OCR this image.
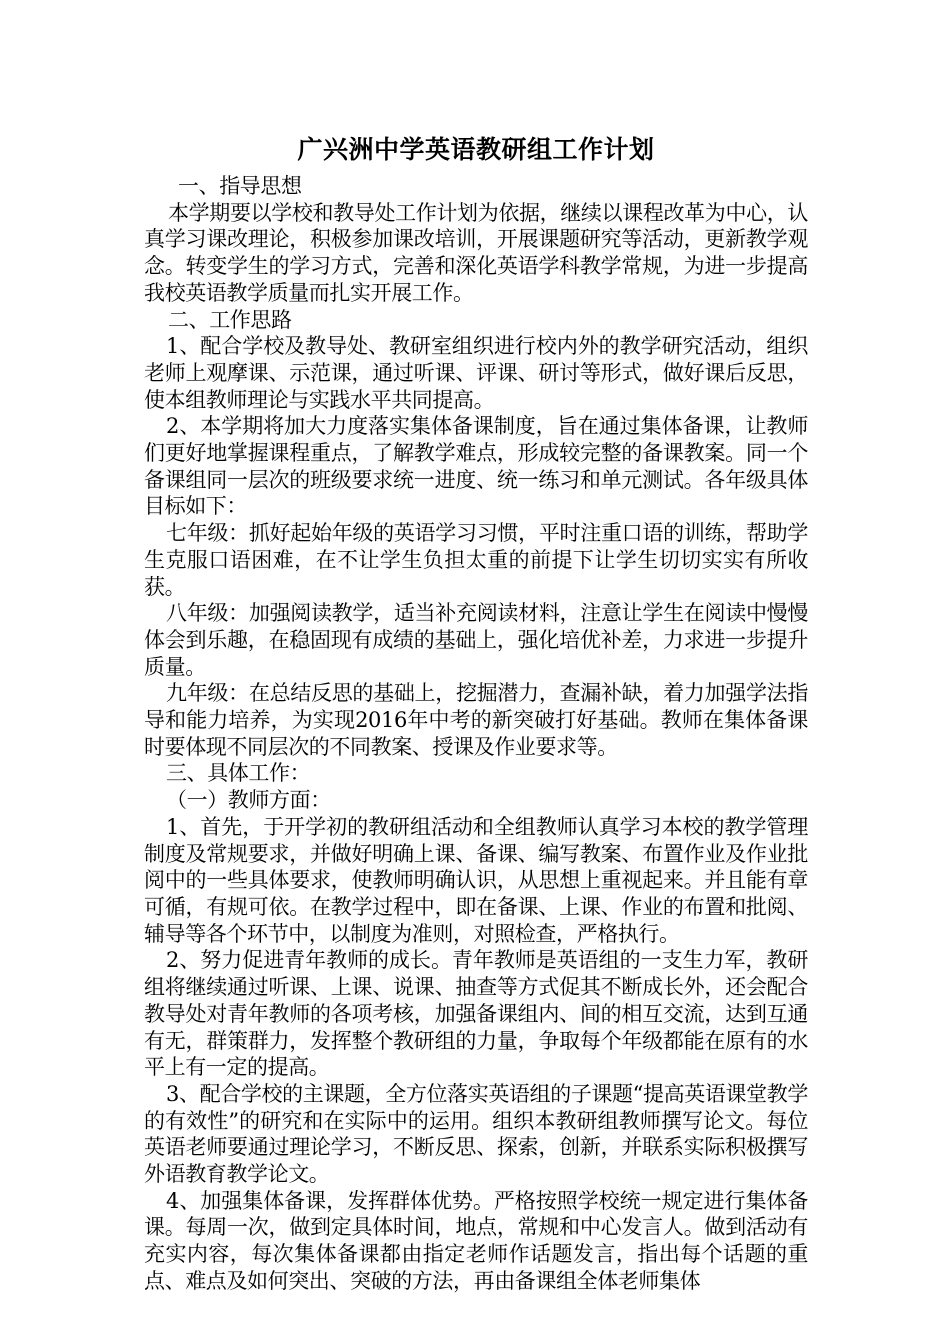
广兴洲中学英语教研组工作计划

一、指导思想

本学期要以学校和教导处工作计划为依据，继续以课程改革为中心，认真学习课改理论，积极参加课改培训，开展课题研究等活动，更新教学观念。转变学生的学习方式，完善和深化英语学科教学常规，为进一步提高我校英语教学质量而扎实开展工作。

二、工作思路

1、配合学校及教导处、教研室组织进行校内外的教学研究活动，组织老师上观摩课、示范课，通过听课、评课、研讨等形式，做好课后反思，使本组教师理论与实践水平共同提高。

2、本学期将加大力度落实集体备课制度，旨在通过集体备课，让教师们更好地掌握课程重点，了解教学难点，形成较完整的备课教案。同一个备课组同一层次的班级要求统一进度、统一练习和单元测试。各年级具体目标如下：

七年级：抓好起始年级的英语学习习惯，平时注重口语的训练，帮助学生克服口语困难，在不让学生负担太重的前提下让学生切切实实有所收获。

八年级：加强阅读教学，适当补充阅读材料，注意让学生在阅读中慢慢体会到乐趣，在稳固现有成绩的基础上，强化培优补差，力求进一步提升质量。

九年级：在总结反思的基础上，挖掘潜力，查漏补缺，着力加强学法指导和能力培养，为实现2016年中考的新突破打好基础。教师在集体备课时要体现不同层次的不同教案、授课及作业要求等。

三、具体工作：

（一）教师方面：

1、首先，于开学初的教研组活动和全组教师认真学习本校的教学管理制度及常规要求，并做好明确上课、备课、编写教案、布置作业及作业批阅中的一些具体要求，使教师明确认识，从思想上重视起来。并且能有章可循，有规可依。在教学过程中，即在备课、上课、作业的布置和批阅、辅导等各个环节中，以制度为准则，对照检查，严格执行。

2、努力促进青年教师的成长。青年教师是英语组的一支生力军，教研组将继续通过听课、上课、说课、抽查等方式促其不断成长外，还会配合教导处对青年教师的各项考核，加强备课组内、间的相互交流，达到互通有无，群策群力，发挥整个教研组的力量，争取每个年级都能在原有的水平上有一定的提高。

3、配合学校的主课题，全方位落实英语组的子课题“提高英语课堂教学的有效性”的研究和在实际中的运用。组织本教研组教师撰写论文。每位英语老师要通过理论学习，不断反思、探索，创新，并联系实际积极撰写外语教育教学论文。

4、加强集体备课，发挥群体优势。严格按照学校统一规定进行集体备课。每周一次，做到定具体时间，地点，常规和中心发言人。做到活动有充实内容，每次集体备课都由指定老师作话题发言，指出每个话题的重点、难点及如何突出、突破的方法，再由备课组全体老师集体
